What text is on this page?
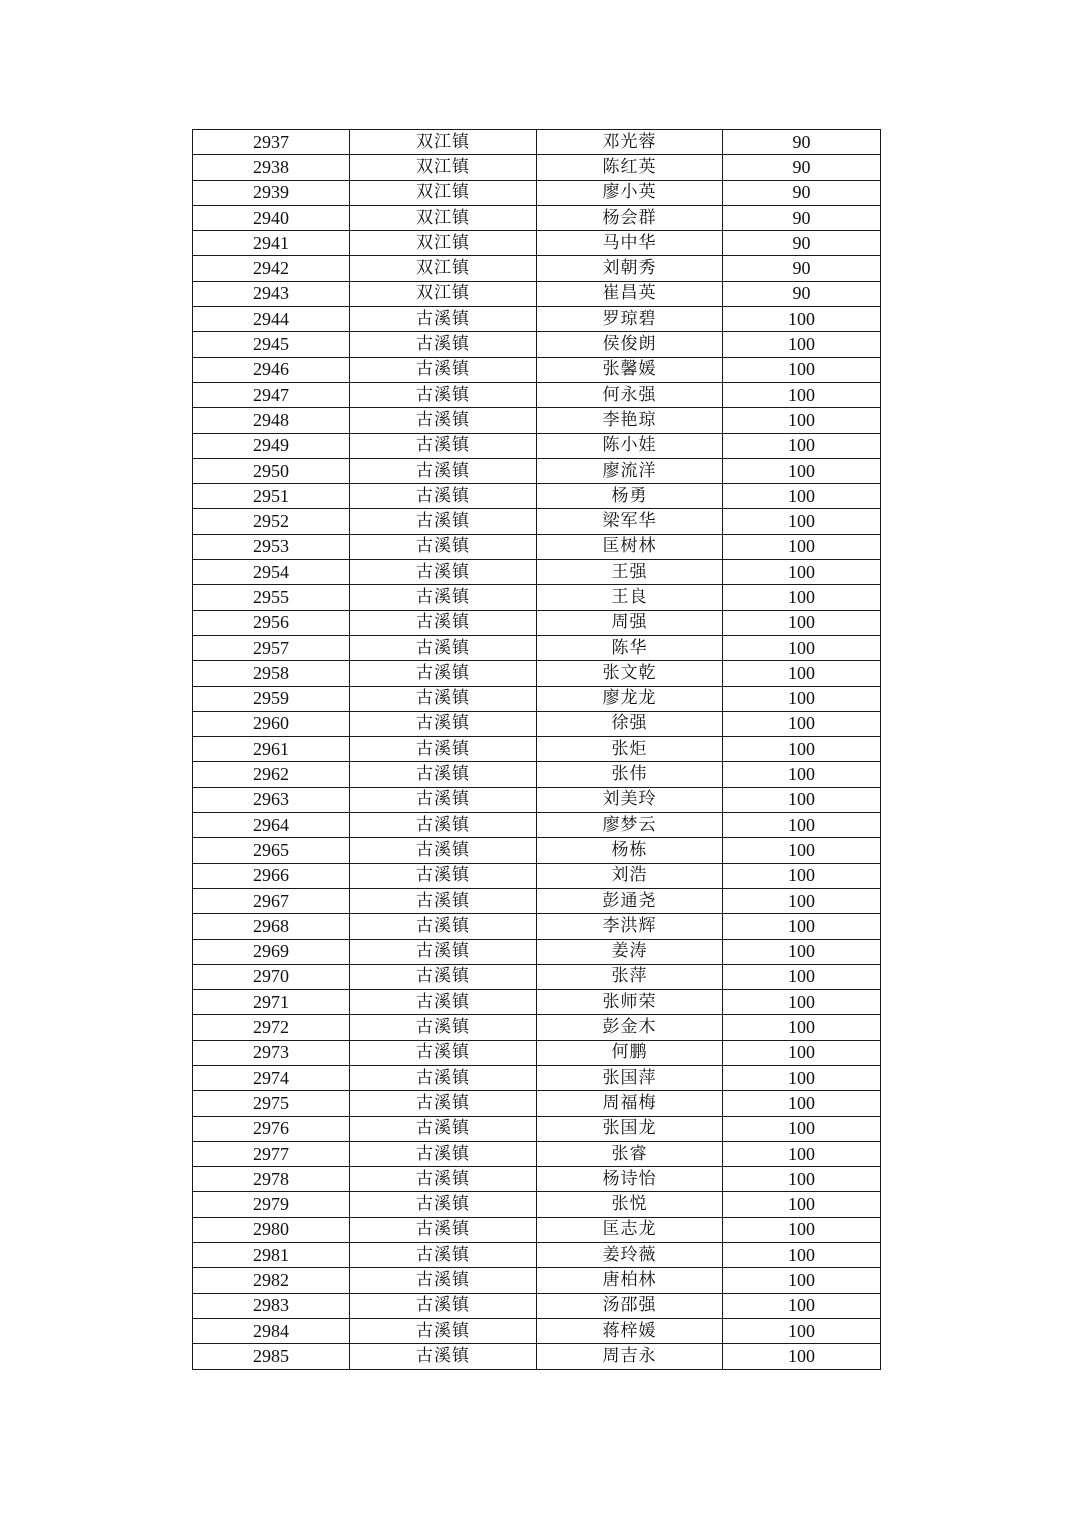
2937	双江镇	邓光蓉	90
2938	双江镇	陈红英	90
2939	双江镇	廖小英	90
2940	双江镇	杨会群	90
2941	双江镇	马中华	90
2942	双江镇	刘朝秀	90
2943	双江镇	崔昌英	90
2944	古溪镇	罗琼碧	100
2945	古溪镇	侯俊朗	100
2946	古溪镇	张馨媛	100
2947	古溪镇	何永强	100
2948	古溪镇	李艳琼	100
2949	古溪镇	陈小娃	100
2950	古溪镇	廖流洋	100
2951	古溪镇	杨勇	100
2952	古溪镇	梁军华	100
2953	古溪镇	匡树林	100
2954	古溪镇	王强	100
2955	古溪镇	王良	100
2956	古溪镇	周强	100
2957	古溪镇	陈华	100
2958	古溪镇	张文乾	100
2959	古溪镇	廖龙龙	100
2960	古溪镇	徐强	100
2961	古溪镇	张炬	100
2962	古溪镇	张伟	100
2963	古溪镇	刘美玲	100
2964	古溪镇	廖梦云	100
2965	古溪镇	杨栋	100
2966	古溪镇	刘浩	100
2967	古溪镇	彭通尧	100
2968	古溪镇	李洪辉	100
2969	古溪镇	姜涛	100
2970	古溪镇	张萍	100
2971	古溪镇	张师荣	100
2972	古溪镇	彭金木	100
2973	古溪镇	何鹏	100
2974	古溪镇	张国萍	100
2975	古溪镇	周福梅	100
2976	古溪镇	张国龙	100
2977	古溪镇	张睿	100
2978	古溪镇	杨诗怡	100
2979	古溪镇	张悦	100
2980	古溪镇	匡志龙	100
2981	古溪镇	姜玲薇	100
2982	古溪镇	唐柏林	100
2983	古溪镇	汤邵强	100
2984	古溪镇	蒋梓媛	100
2985	古溪镇	周吉永	100
